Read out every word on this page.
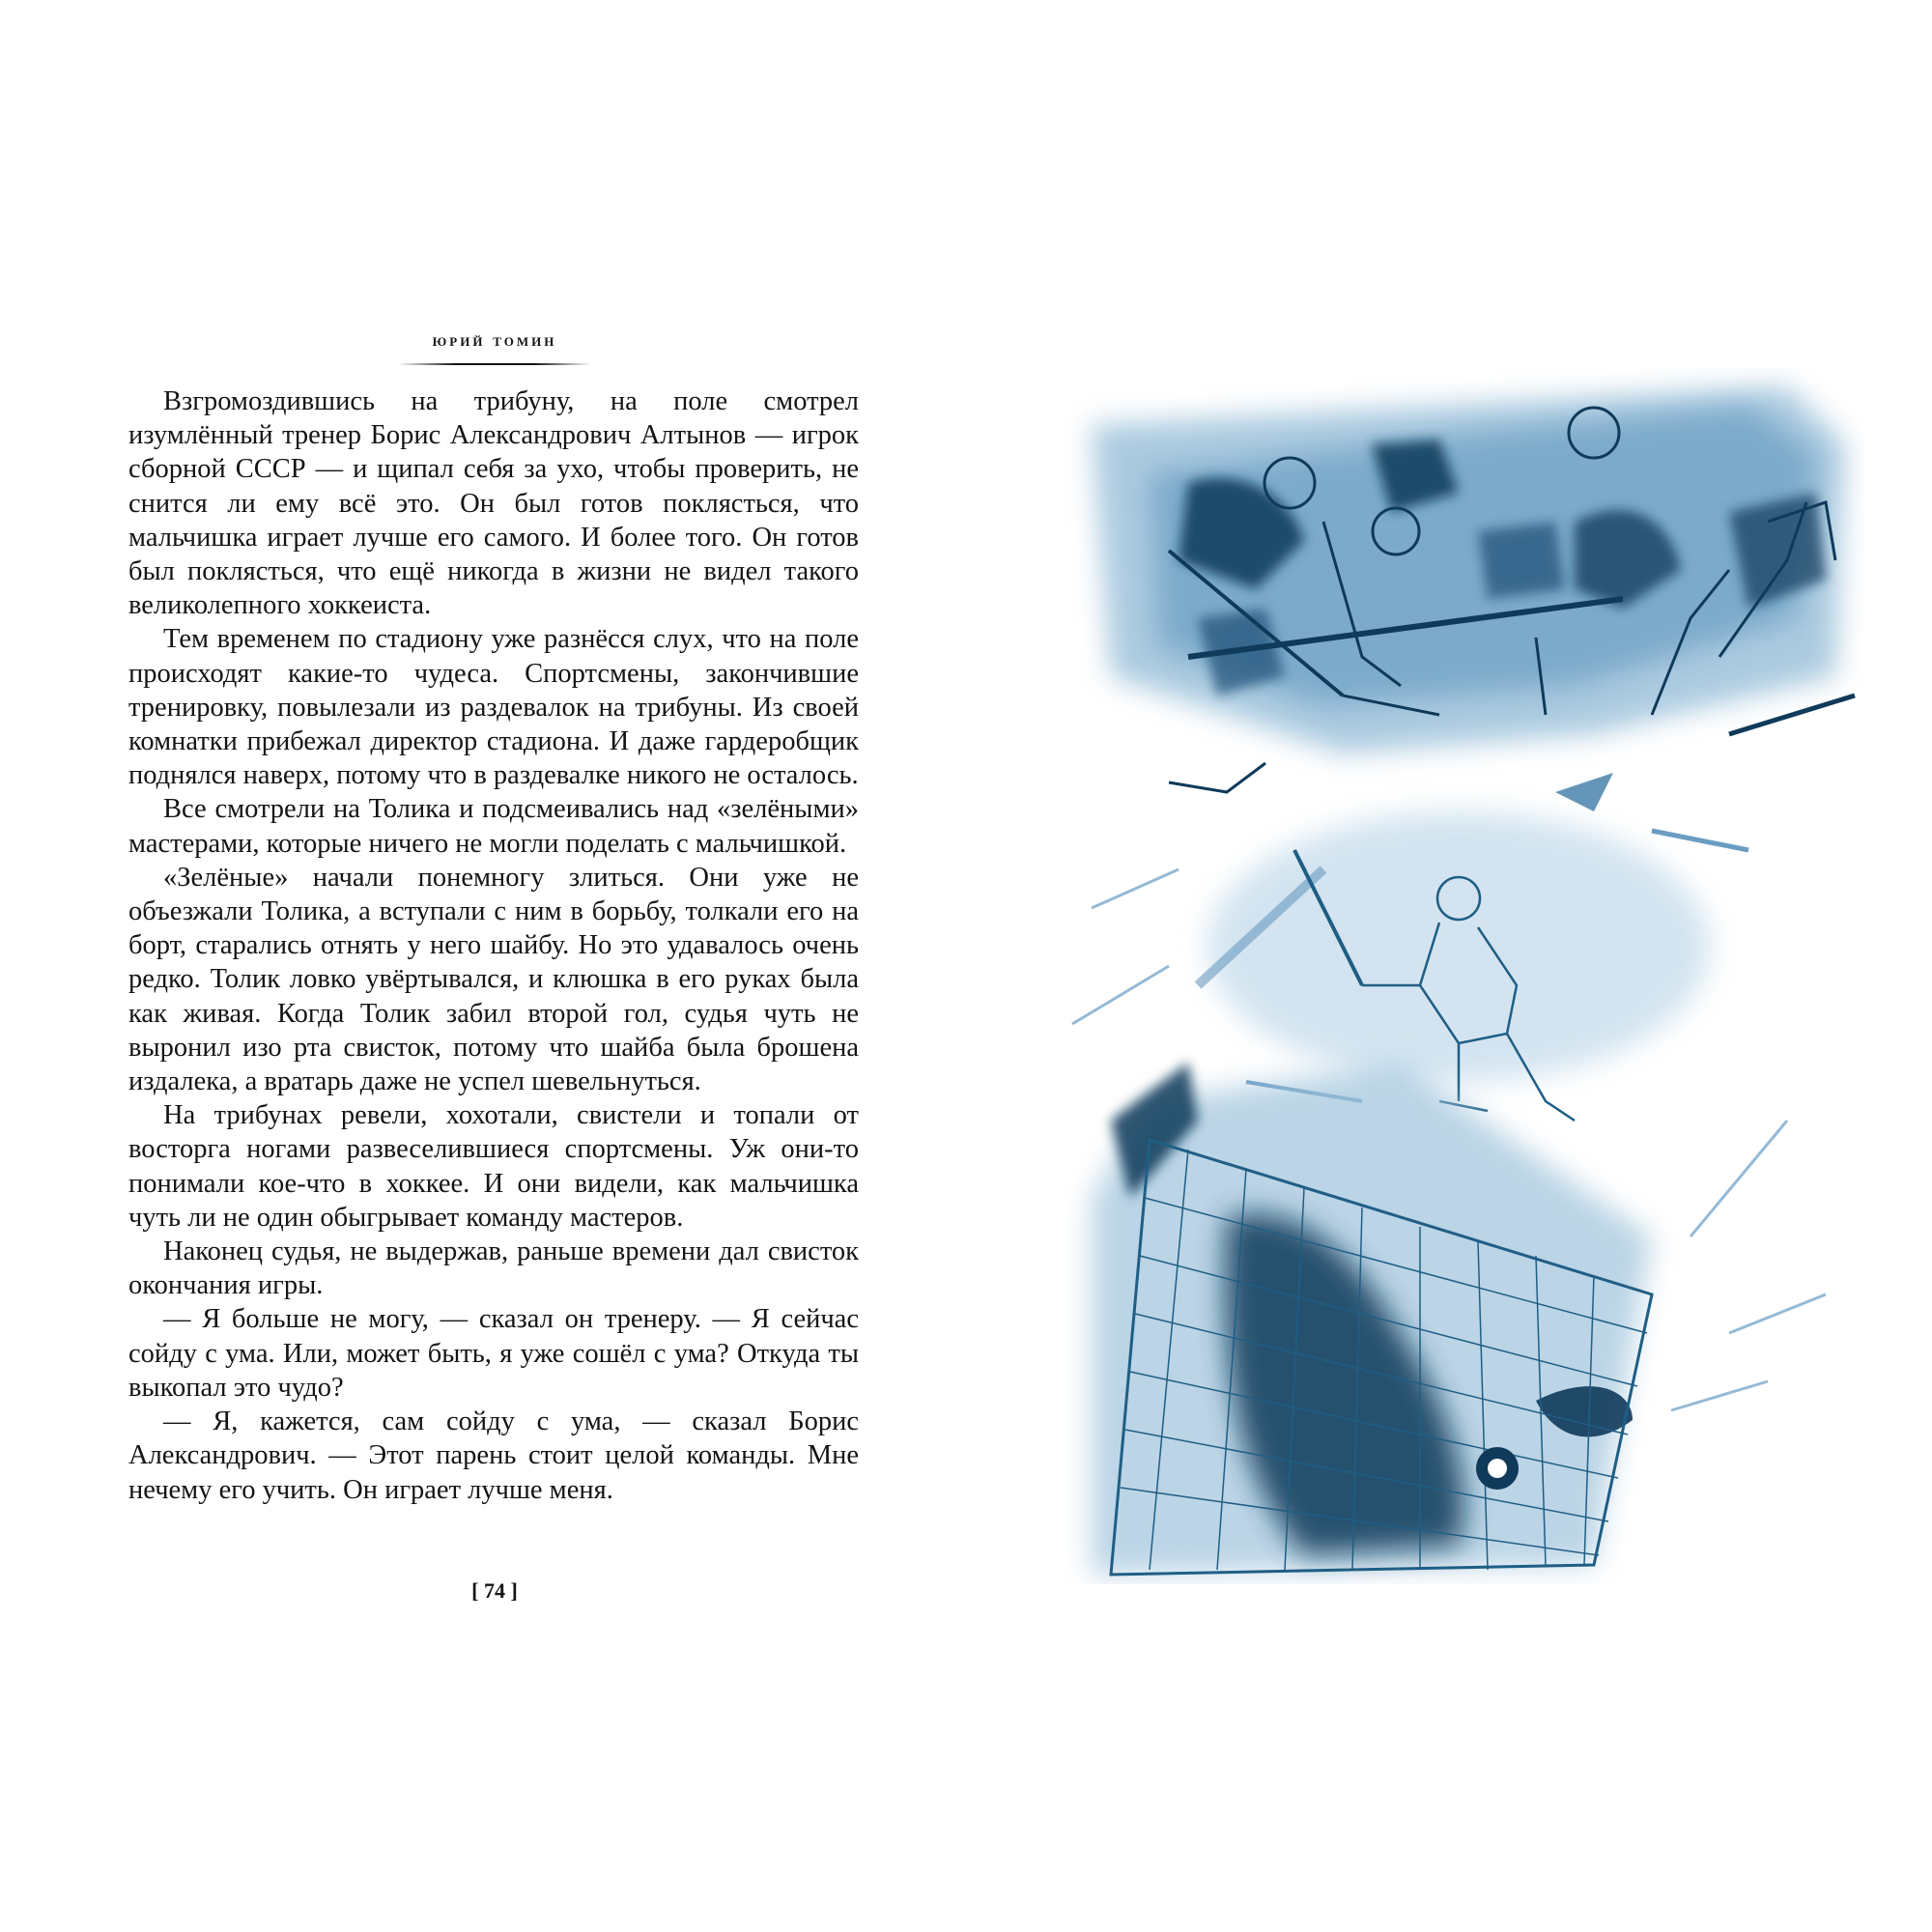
юрий томин

Взгромоздившись на трибуну, на поле смотрел изумлённый тренер Борис Александрович Алтынов — игрок сборной СССР — и щипал себя за ухо, чтобы проверить, не снится ли ему всё это. Он был готов поклясться, что мальчишка играет лучше его самого. И более того. Он готов был поклясться, что ещё никогда в жизни не видел такого великолепного хоккеиста.

Тем временем по стадиону уже разнёсся слух, что на поле происходят какие-то чудеса. Спортсмены, закончившие тренировку, повылезали из раздевалок на трибуны. Из своей комнатки прибежал директор стадиона. И даже гардеробщик поднялся наверх, потому что в раздевалке никого не осталось.

Все смотрели на Толика и подсмеивались над «зелёными» мастерами, которые ничего не могли поделать с мальчишкой.

«Зелёные» начали понемногу злиться. Они уже не объезжали Толика, а вступали с ним в борьбу, толкали его на борт, старались отнять у него шайбу. Но это удавалось очень редко. Толик ловко увёртывался, и клюшка в его руках была как живая. Когда Толик забил второй гол, судья чуть не выронил изо рта свисток, потому что шайба была брошена издалека, а вратарь даже не успел шевельнуться.

На трибунах ревели, хохотали, свистели и топали от восторга ногами развеселившиеся спортсмены. Уж они-то понимали кое-что в хоккее. И они видели, как мальчишка чуть ли не один обыгрывает команду мастеров.

Наконец судья, не выдержав, раньше времени дал свисток окончания игры.

— Я больше не могу, — сказал он тренеру. — Я сейчас сойду с ума. Или, может быть, я уже сошёл с ума? Откуда ты выкопал это чудо?

— Я, кажется, сам сойду с ума, — сказал Борис Александрович. — Этот парень стоит целой команды. Мне нечему его учить. Он играет лучше меня.

[ 74 ]
